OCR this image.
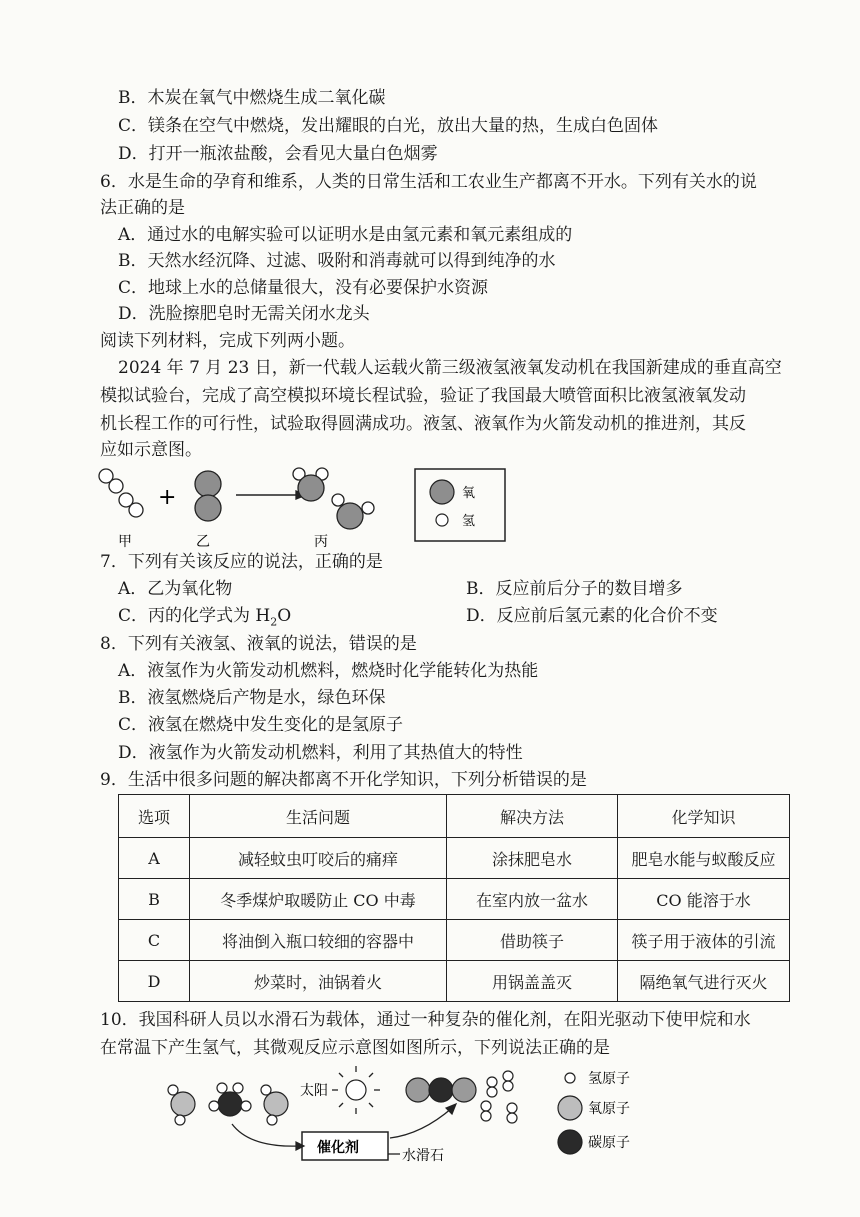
B．木炭在氧气中燃烧生成二氧化碳
C．镁条在空气中燃烧，发出耀眼的白光，放出大量的热，生成白色固体
D．打开一瓶浓盐酸，会看见大量白色烟雾
6．水是生命的孕育和维系，人类的日常生活和工农业生产都离不开水。下列有关水的说
法正确的是
A．通过水的电解实验可以证明水是由氢元素和氧元素组成的
B．天然水经沉降、过滤、吸附和消毒就可以得到纯净的水
C．地球上水的总储量很大，没有必要保护水资源
D．洗脸擦肥皂时无需关闭水龙头
阅读下列材料，完成下列两小题。
2024 年 7 月 23 日，新一代载人运载火箭三级液氢液氧发动机在我国新建成的垂直高空
模拟试验台，完成了高空模拟环境长程试验，验证了我国最大喷管面积比液氢液氧发动
机长程工作的可行性，试验取得圆满成功。液氢、液氧作为火箭发动机的推进剂，其反
应如示意图。
+
甲	乙	丙
氧
氢
7．下列有关该反应的说法，正确的是
A．乙为氧化物	B．反应前后分子的数目增多
C．丙的化学式为 $H_2O$	D．反应前后氢元素的化合价不变
8．下列有关液氢、液氧的说法，错误的是
A．液氢作为火箭发动机燃料，燃烧时化学能转化为热能
B．液氢燃烧后产物是水，绿色环保
C．液氢在燃烧中发生变化的是氢原子
D．液氢作为火箭发动机燃料，利用了其热值大的特性
9．生活中很多问题的解决都离不开化学知识，下列分析错误的是
选项	生活问题	解决方法	化学知识
A	减轻蚊虫叮咬后的痛痒	涂抹肥皂水	肥皂水能与蚁酸反应
B	冬季煤炉取暖防止 CO 中毒	在室内放一盆水	CO 能溶于水
C	将油倒入瓶口较细的容器中	借助筷子	筷子用于液体的引流
D	炒菜时，油锅着火	用锅盖盖灭	隔绝氧气进行灭火
10．我国科研人员以水滑石为载体，通过一种复杂的催化剂，在阳光驱动下使甲烷和水
在常温下产生氢气，其微观反应示意图如图所示，下列说法正确的是
太阳
催化剂	水滑石
氢原子
氧原子
碳原子
